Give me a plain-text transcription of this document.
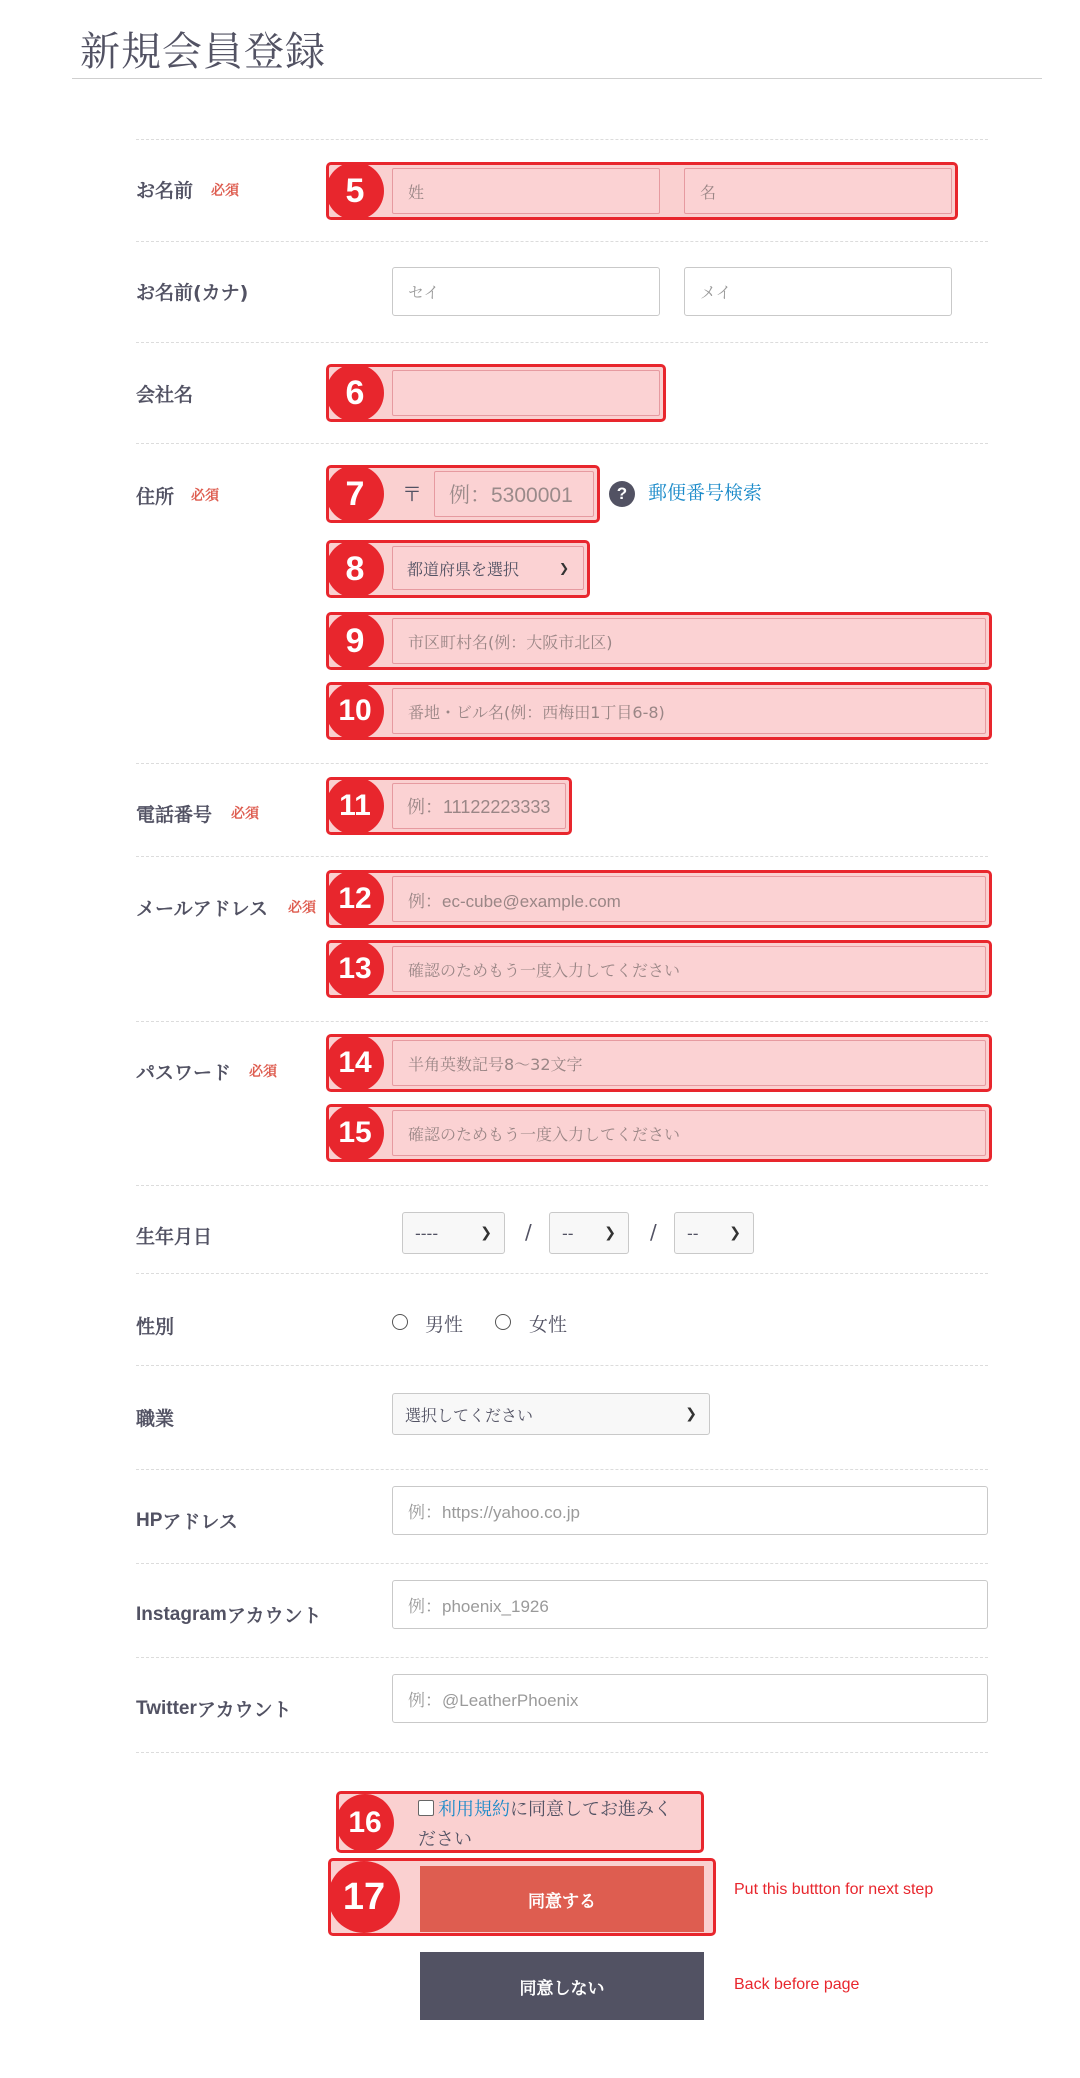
新規会員登録
お名前 必須	姓	名
5
お名前(カナ)	セイ	メイ
会社名	6
住所 必須	〒	例：5300001
7	?	郵便番号検索
都道府県を選択	❯
8
市区町村名(例：大阪市北区)
9
番地・ビル名(例：西梅田1丁目6-8)
10
電話番号 必須	例：11122223333
11
メールアドレス 必須	例：ec-cube@example.com
12
確認のためもう一度入力してください
13
パスワード 必須	半角英数記号8〜32文字
14
確認のためもう一度入力してください
15
生年月日	----	❯ / -- ❯ / -- ❯
性別	男性	女性
職業	選択してください	❯
HP アドレス	例：https://yahoo.co.jp
Instagram アカウント	例：phoenix_1926
Twitter アカウント	例：@LeatherPhoenix
利用規約に同意してお進みく
ださい
16
同意する
17	Put this buttton for next step
同意しない	Back before page
